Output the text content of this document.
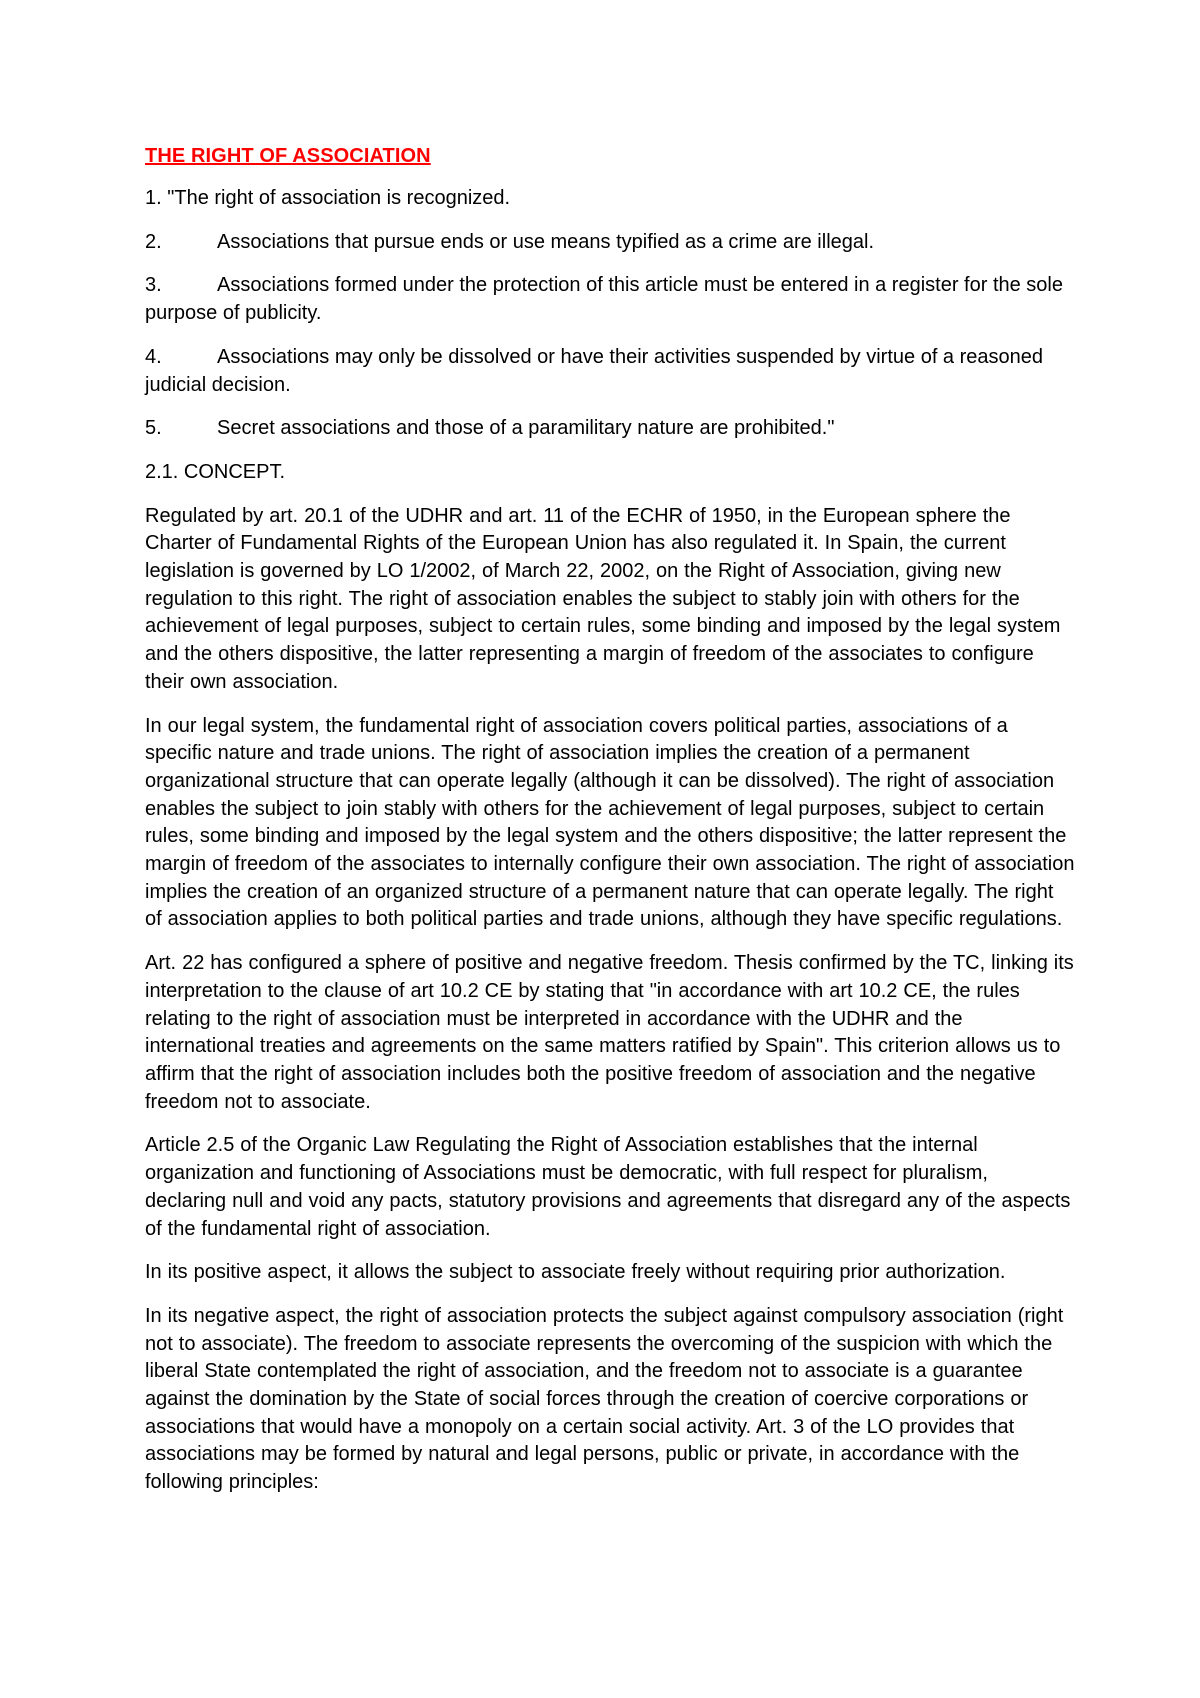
THE RIGHT OF ASSOCIATION
1. "The right of association is recognized.
2.	Associations that pursue ends or use means typified as a crime are illegal.
3.	Associations formed under the protection of this article must be entered in a register for the sole purpose of publicity.
4.	Associations may only be dissolved or have their activities suspended by virtue of a reasoned judicial decision.
5.	Secret associations and those of a paramilitary nature are prohibited."
2.1. CONCEPT.

Regulated by art. 20.1 of the UDHR and art. 11 of the ECHR of 1950, in the European sphere the Charter of Fundamental Rights of the European Union has also regulated it. In Spain, the current legislation is governed by LO 1/2002, of March 22, 2002, on the Right of Association, giving new regulation to this right. The right of association enables the subject to stably join with others for the achievement of legal purposes, subject to certain rules, some binding and imposed by the legal system and the others dispositive, the latter representing a margin of freedom of the associates to configure their own association.

In our legal system, the fundamental right of association covers political parties, associations of a specific nature and trade unions. The right of association implies the creation of a permanent organizational structure that can operate legally (although it can be dissolved). The right of association enables the subject to join stably with others for the achievement of legal purposes, subject to certain rules, some binding and imposed by the legal system and the others dispositive; the latter represent the margin of freedom of the associates to internally configure their own association. The right of association implies the creation of an organized structure of a permanent nature that can operate legally. The right of association applies to both political parties and trade unions, although they have specific regulations.

Art. 22 has configured a sphere of positive and negative freedom. Thesis confirmed by the TC, linking its interpretation to the clause of art 10.2 CE by stating that "in accordance with art 10.2 CE, the rules relating to the right of association must be interpreted in accordance with the UDHR and the international treaties and agreements on the same matters ratified by Spain". This criterion allows us to affirm that the right of association includes both the positive freedom of association and the negative freedom not to associate.

Article 2.5 of the Organic Law Regulating the Right of Association establishes that the internal organization and functioning of Associations must be democratic, with full respect for pluralism, declaring null and void any pacts, statutory provisions and agreements that disregard any of the aspects of the fundamental right of association.

In its positive aspect, it allows the subject to associate freely without requiring prior authorization.

In its negative aspect, the right of association protects the subject against compulsory association (right not to associate). The freedom to associate represents the overcoming of the suspicion with which the liberal State contemplated the right of association, and the freedom not to associate is a guarantee against the domination by the State of social forces through the creation of coercive corporations or associations that would have a monopoly on a certain social activity. Art. 3 of the LO provides that associations may be formed by natural and legal persons, public or private, in accordance with the following principles:
